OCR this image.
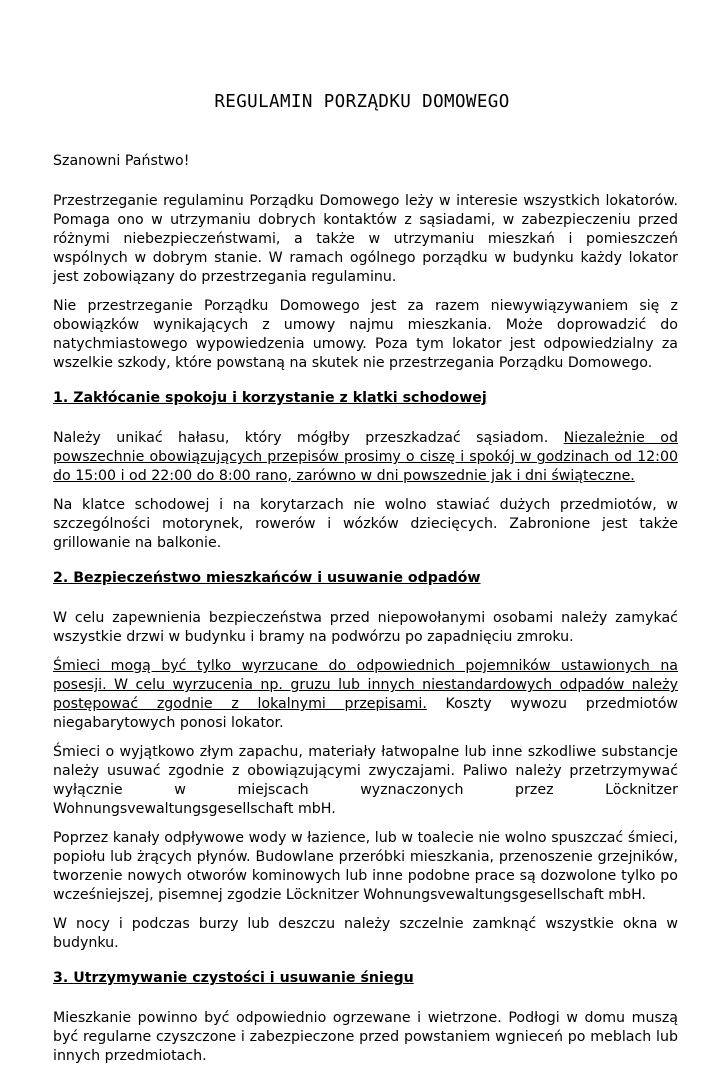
REGULAMIN PORZĄDKU DOMOWEGO

Szanowni Państwo!

Przestrzeganie regulaminu Porządku Domowego leży w interesie wszystkich lokatorów. Pomaga ono w utrzymaniu dobrych kontaktów z sąsiadami, w zabezpieczeniu przed różnymi niebezpieczeństwami, a także w utrzymaniu mieszkań i pomieszczeń wspólnych w dobrym stanie. W ramach ogólnego porządku w budynku każdy lokator jest zobowiązany do przestrzegania regulaminu.

Nie przestrzeganie Porządku Domowego jest za razem niewywiązywaniem się z obowiązków wynikających z umowy najmu mieszkania. Może doprowadzić do natychmiastowego wypowiedzenia umowy. Poza tym lokator jest odpowiedzialny za wszelkie szkody, które powstaną na skutek nie przestrzegania Porządku Domowego.

1. Zakłócanie spokoju i korzystanie z klatki schodowej

Należy unikać hałasu, który mógłby przeszkadzać sąsiadom. Niezależnie od powszechnie obowiązujących przepisów prosimy o ciszę i spokój w godzinach od 12:00 do 15:00 i od 22:00 do 8:00 rano, zarówno w dni powszednie jak i dni świąteczne.

Na klatce schodowej i na korytarzach nie wolno stawiać dużych przedmiotów, w szczególności motorynek, rowerów i wózków dziecięcych. Zabronione jest także grillowanie na balkonie.

2. Bezpieczeństwo mieszkańców i usuwanie odpadów

W celu zapewnienia bezpieczeństwa przed niepowołanymi osobami należy zamykać wszystkie drzwi w budynku i bramy na podwórzu po zapadnięciu zmroku.

Śmieci mogą być tylko wyrzucane do odpowiednich pojemników ustawionych na posesji. W celu wyrzucenia np. gruzu lub innych niestandardowych odpadów należy postępować zgodnie z lokalnymi przepisami. Koszty wywozu przedmiotów niegabarytowych ponosi lokator.

Śmieci o wyjątkowo złym zapachu, materiały łatwopalne lub inne szkodliwe substancje należy usuwać zgodnie z obowiązującymi zwyczajami. Paliwo należy przetrzymywać wyłącznie w miejscach wyznaczonych przez Löcknitzer Wohnungsvewaltungsgesellschaft mbH.

Poprzez kanały odpływowe wody w łazience, lub w toalecie nie wolno spuszczać śmieci, popiołu lub żrących płynów. Budowlane przeróbki mieszkania, przenoszenie grzejników, tworzenie nowych otworów kominowych lub inne podobne prace są dozwolone tylko po wcześniejszej, pisemnej zgodzie Löcknitzer Wohnungsvewaltungsgesellschaft mbH.

W nocy i podczas burzy lub deszczu należy szczelnie zamknąć wszystkie okna w budynku.

3. Utrzymywanie czystości i usuwanie śniegu

Mieszkanie powinno być odpowiednio ogrzewane i wietrzone. Podłogi w domu muszą być regularne czyszczone i zabezpieczone przed powstaniem wgnieceń po meblach lub innych przedmiotach.
